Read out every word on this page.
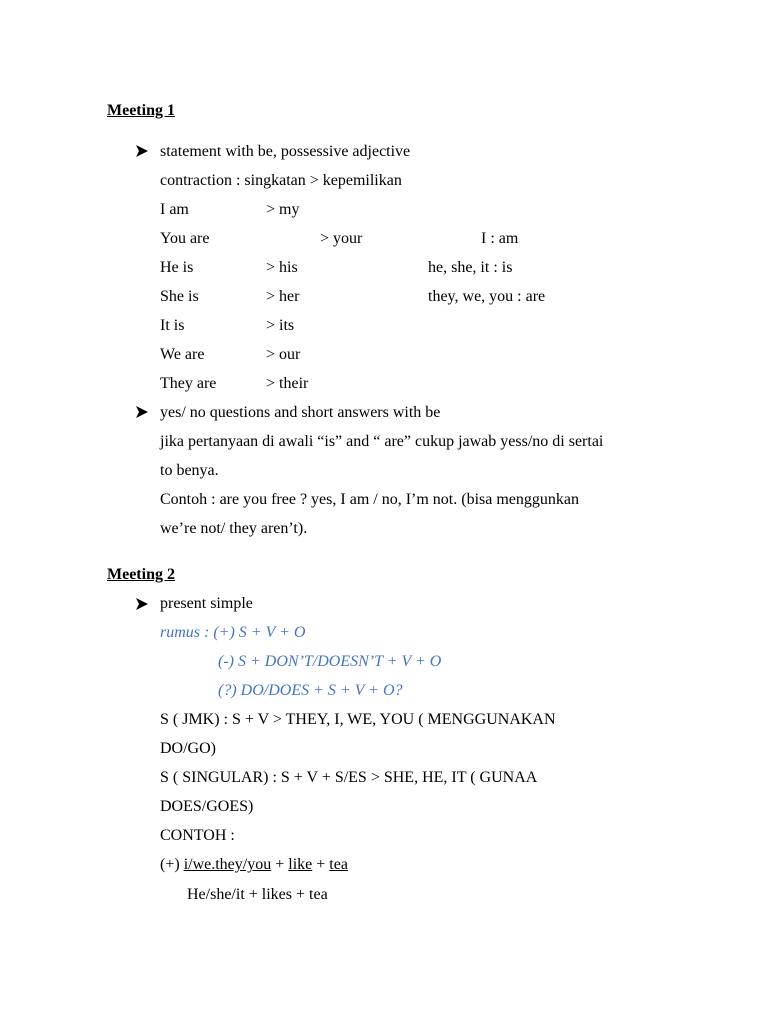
Meeting 1
statement with be, possessive adjective
contraction : singkatan > kepemilikan
I am	> my
You are	> your	I : am
He is	> his	he, she, it : is
She is	> her	they, we, you : are
It is	> its
We are	> our
They are	> their
yes/ no questions and short answers with be
jika pertanyaan di awali “is” and “ are” cukup jawab yess/no di sertai
to benya.
Contoh : are you free ? yes, I am / no, I’m not. (bisa menggunkan
we’re not/ they aren’t).
Meeting 2
present simple
rumus : (+) S + V + O
(-) S + DON’T/DOESN’T + V + O
(?) DO/DOES + S + V + O?
S ( JMK) : S + V > THEY, I, WE, YOU ( MENGGUNAKAN
DO/GO)
S ( SINGULAR) : S + V + S/ES > SHE, HE, IT ( GUNAA
DOES/GOES)
CONTOH :
(+) i/we.they/you + like + tea
He/she/it + likes + tea
